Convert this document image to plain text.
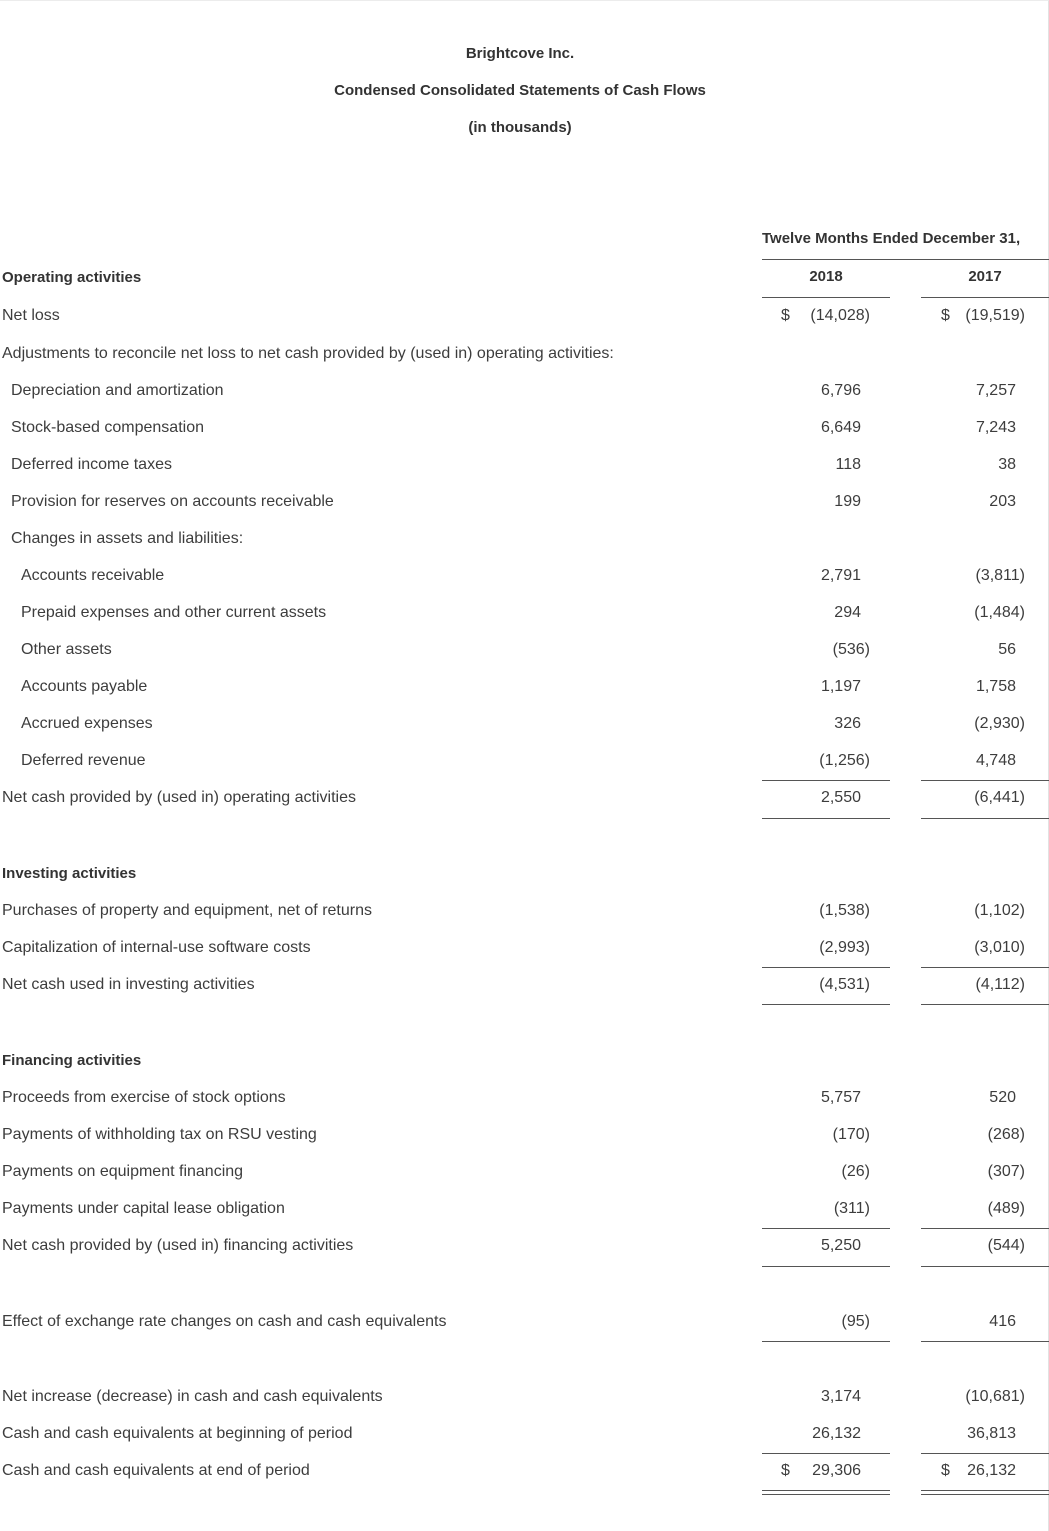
Brightcove Inc.
Condensed Consolidated Statements of Cash Flows
(in thousands)
Twelve Months Ended December 31,
2018	2017
Operating activities
Net loss	$	(14,028)	$ (19,519)
Adjustments to reconcile net loss to net cash provided by (used in) operating activities:
Depreciation and amortization	6,796	7,257
Stock-based compensation	6,649	7,243
Deferred income taxes	118	38
Provision for reserves on accounts receivable	199	203
Changes in assets and liabilities:
Accounts receivable	2,791	(3,811)
Prepaid expenses and other current assets	294	(1,484)
Other assets	(536)	56
Accounts payable	1,197	1,758
Accrued expenses	326	(2,930)
Deferred revenue	(1,256)	4,748
Net cash provided by (used in) operating activities	2,550	(6,441)
Investing activities
Purchases of property and equipment, net of returns	(1,538)	(1,102)
Capitalization of internal-use software costs	(2,993)	(3,010)
Net cash used in investing activities	(4,531)	(4,112)
Financing activities
Proceeds from exercise of stock options	5,757	520
Payments of withholding tax on RSU vesting	(170)	(268)
Payments on equipment financing	(26)	(307)
Payments under capital lease obligation	(311)	(489)
Net cash provided by (used in) financing activities	5,250	(544)
Effect of exchange rate changes on cash and cash equivalents	(95)	416
Net increase (decrease) in cash and cash equivalents	3,174	(10,681)
Cash and cash equivalents at beginning of period	26,132	36,813
Cash and cash equivalents at end of period	$	29,306	$	26,132
